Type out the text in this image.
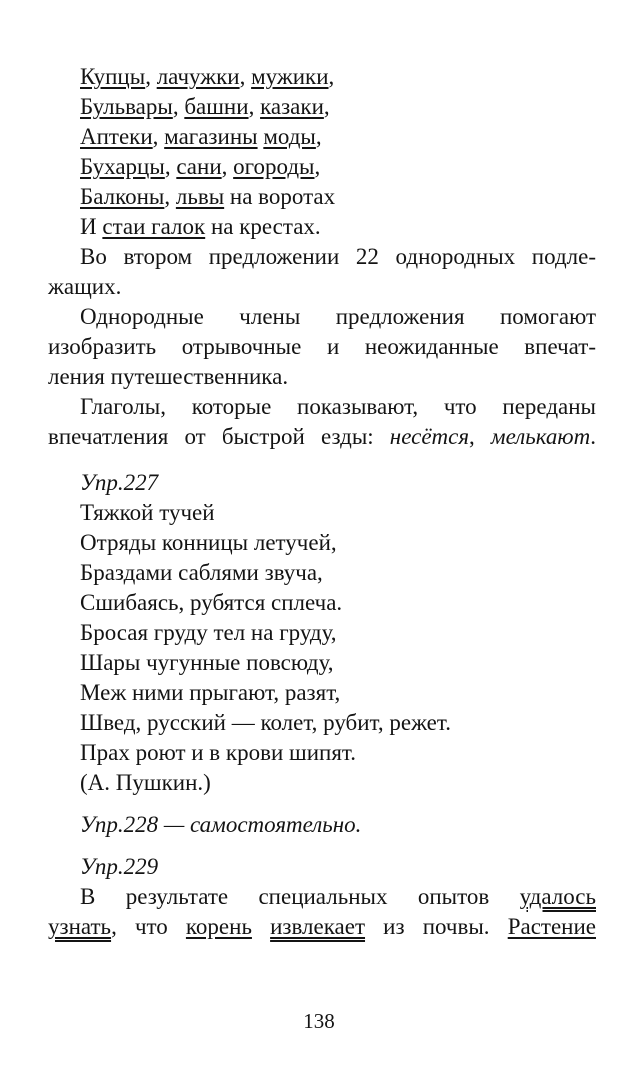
Купцы, лачужки, мужики,
Бульвары, башни, казаки,
Аптеки, магазины моды,
Бухарцы, сани, огороды,
Балконы, львы на воротах
И стаи галок на крестах.
Во втором предложении 22 однородных подле-
жащих.
Однородные члены предложения помогают
изобразить отрывочные и неожиданные впечат-
ления путешественника.
Глаголы, которые показывают, что переданы
впечатления от быстрой езды: несётся, мелькают.
Упр.227
Тяжкой тучей
Отряды конницы летучей,
Браздами саблями звуча,
Сшибаясь, рубятся сплеча.
Бросая груду тел на груду,
Шары чугунные повсюду,
Меж ними прыгают, разят,
Швед, русский — колет, рубит, режет.
Прах роют и в крови шипят.
(А. Пушкин.)
Упр.228 — самостоятельно.
Упр.229
В результате специальных опытов удалось
узнать, что корень извлекает из почвы. Растение
138
